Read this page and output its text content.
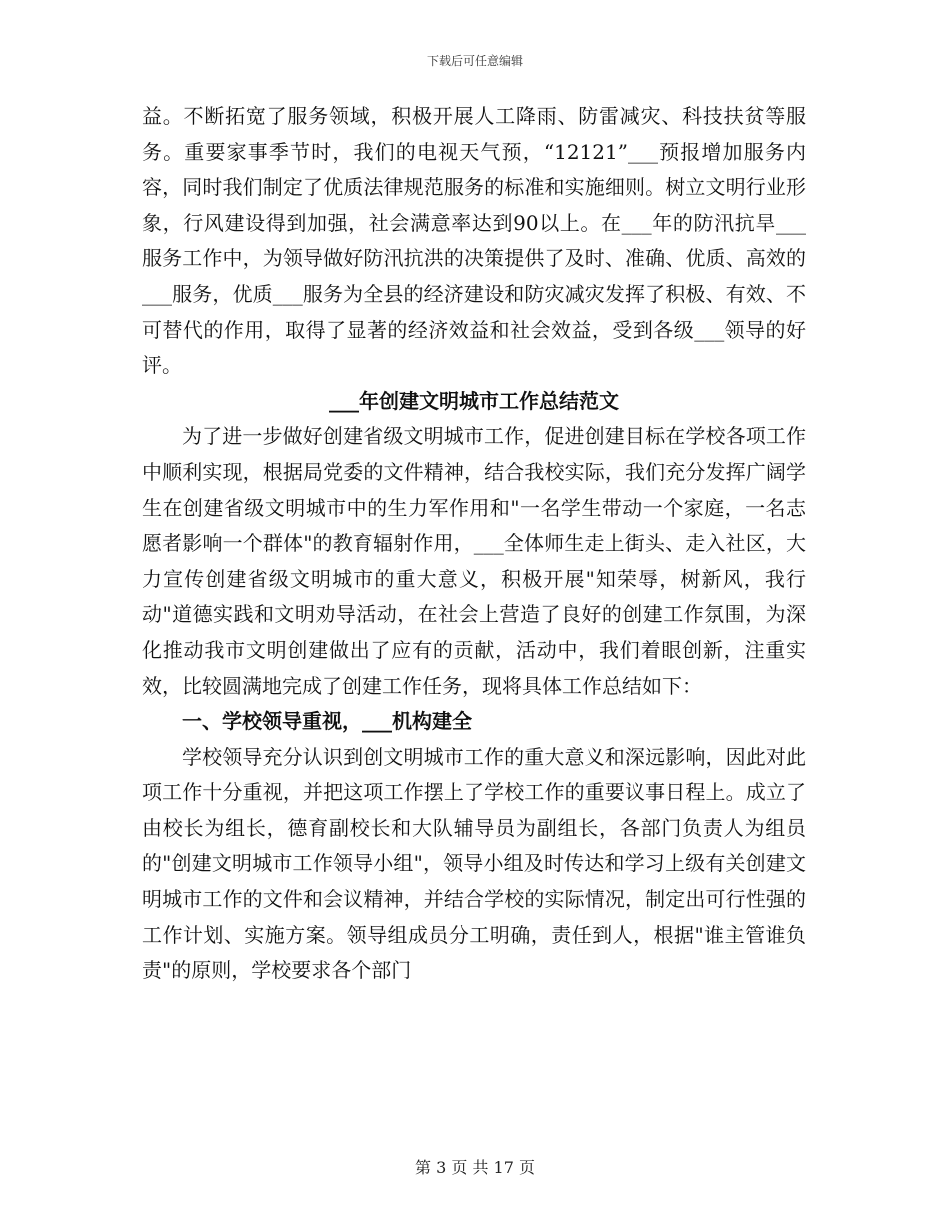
下载后可任意编辑

益。不断拓宽了服务领域，积极开展人工降雨、防雷减灾、科技扶贫等服务。重要家事季节时，我们的电视天气预，“12121”___预报增加服务内容，同时我们制定了优质法律规范服务的标准和实施细则。树立文明行业形象，行风建设得到加强，社会满意率达到90以上。在___年的防汛抗旱___服务工作中，为领导做好防汛抗洪的决策提供了及时、准确、优质、高效的___服务，优质___服务为全县的经济建设和防灾减灾发挥了积极、有效、不可替代的作用，取得了显著的经济效益和社会效益，受到各级___领导的好评。

___年创建文明城市工作总结范文

为了进一步做好创建省级文明城市工作，促进创建目标在学校各项工作中顺利实现，根据局党委的文件精神，结合我校实际，我们充分发挥广阔学生在创建省级文明城市中的生力军作用和"一名学生带动一个家庭，一名志愿者影响一个群体"的教育辐射作用，___全体师生走上街头、走入社区，大力宣传创建省级文明城市的重大意义，积极开展"知荣辱，树新风，我行动"道德实践和文明劝导活动，在社会上营造了良好的创建工作氛围，为深化推动我市文明创建做出了应有的贡献，活动中，我们着眼创新，注重实效，比较圆满地完成了创建工作任务，现将具体工作总结如下：

一、学校领导重视，___机构建全

学校领导充分认识到创文明城市工作的重大意义和深远影响，因此对此项工作十分重视，并把这项工作摆上了学校工作的重要议事日程上。成立了由校长为组长，德育副校长和大队辅导员为副组长，各部门负责人为组员的"创建文明城市工作领导小组"，领导小组及时传达和学习上级有关创建文明城市工作的文件和会议精神，并结合学校的实际情况，制定出可行性强的工作计划、实施方案。领导组成员分工明确，责任到人，根据"谁主管谁负责"的原则，学校要求各个部门

第 3 页 共 17 页
